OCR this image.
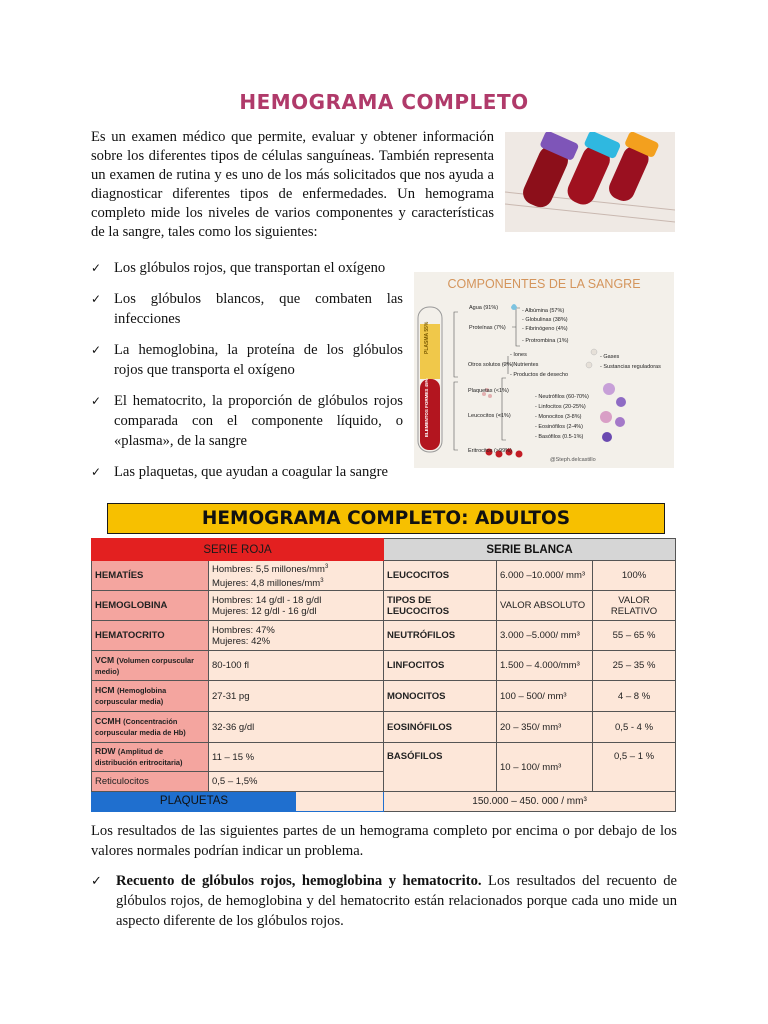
HEMOGRAMA COMPLETO
Es un examen médico que permite, evaluar y obtener información sobre los diferentes tipos de células sanguíneas. También representa un examen de rutina y es uno de los más solicitados que nos ayuda a diagnosticar diferentes tipos de enfermedades. Un hemograma completo mide los niveles de varios componentes y características de la sangre, tales como los siguientes:
✓ Los glóbulos rojos, que transportan el oxígeno
✓ Los glóbulos blancos, que combaten las infecciones
✓ La hemoglobina, la proteína de los glóbulos rojos que transporta el oxígeno
✓ El hematocrito, la proporción de glóbulos rojos comparada con el componente líquido, o «plasma», de la sangre
✓ Las plaquetas, que ayudan a coagular la sangre
COMPONENTES DE LA SANGRE
PLASMA 55%
ELEMENTOS FORMES 45%
Agua (91%)
Proteínas (7%)
Otros solutos (2%)
Plaquetas (<1%)
Leucocitos (<1%)
Eritrocitos (>99%)
- Albúmina (57%)
- Globulinas (38%)
- Fibrinógeno (4%)
- Protrombina (1%)
- Iones
- Nutrientes
- Productos de desecho
- Gases
- Sustancias reguladoras
- Neutrófilos (60-70%)
- Linfocitos (20-25%)
- Monocitos (3-8%)
- Eosinófilos (2-4%)
- Basófilos (0.5-1%)
@Steph.delcastillo
HEMOGRAMA COMPLETO: ADULTOS
SERIE ROJA		SERIE BLANCA		
HEMATÍES	Hombres: 5,5 millones/$mm^3$
Mujeres: 4,8 millones/$mm^3$	LEUCOCITOS	6.000 –10.000/ mm³	100%
HEMOGLOBINA	Hombres: 14 g/dl - 18 g/dl
Mujeres: 12 g/dl - 16 g/dl	TIPOS DE LEUCOCITOS	VALOR ABSOLUTO	VALOR RELATIVO
HEMATOCRITO	Hombres: 47%
Mujeres: 42%	NEUTRÓFILOS	3.000 –5.000/ mm³	55 – 65 %
VCM (Volumen corpuscular medio)	80-100 fl	LINFOCITOS	1.500 – 4.000/mm³	25 – 35 %
HCM (Hemoglobina corpuscular media)	27-31 pg	MONOCITOS	100 – 500/ mm³	4 – 8 %
CCMH (Concentración corpuscular media de Hb)	32-36 g/dl	EOSINÓFILOS	20 – 350/ mm³	0,5 - 4 %
RDW (Amplitud de distribución eritrocitaria)	11 – 15 %	BASÓFILOS	10 – 100/ mm³	0,5 – 1 %
Reticulocitos	0,5 – 1,5%			

PLAQUETAS		150.000 – 450. 000 / mm³		
Los resultados de las siguientes partes de un hemograma completo por encima o por debajo de los valores normales podrían indicar un problema.
✓ Recuento de glóbulos rojos, hemoglobina y hematocrito. Los resultados del recuento de glóbulos rojos, de hemoglobina y del hematocrito están relacionados porque cada uno mide un aspecto diferente de los glóbulos rojos.
